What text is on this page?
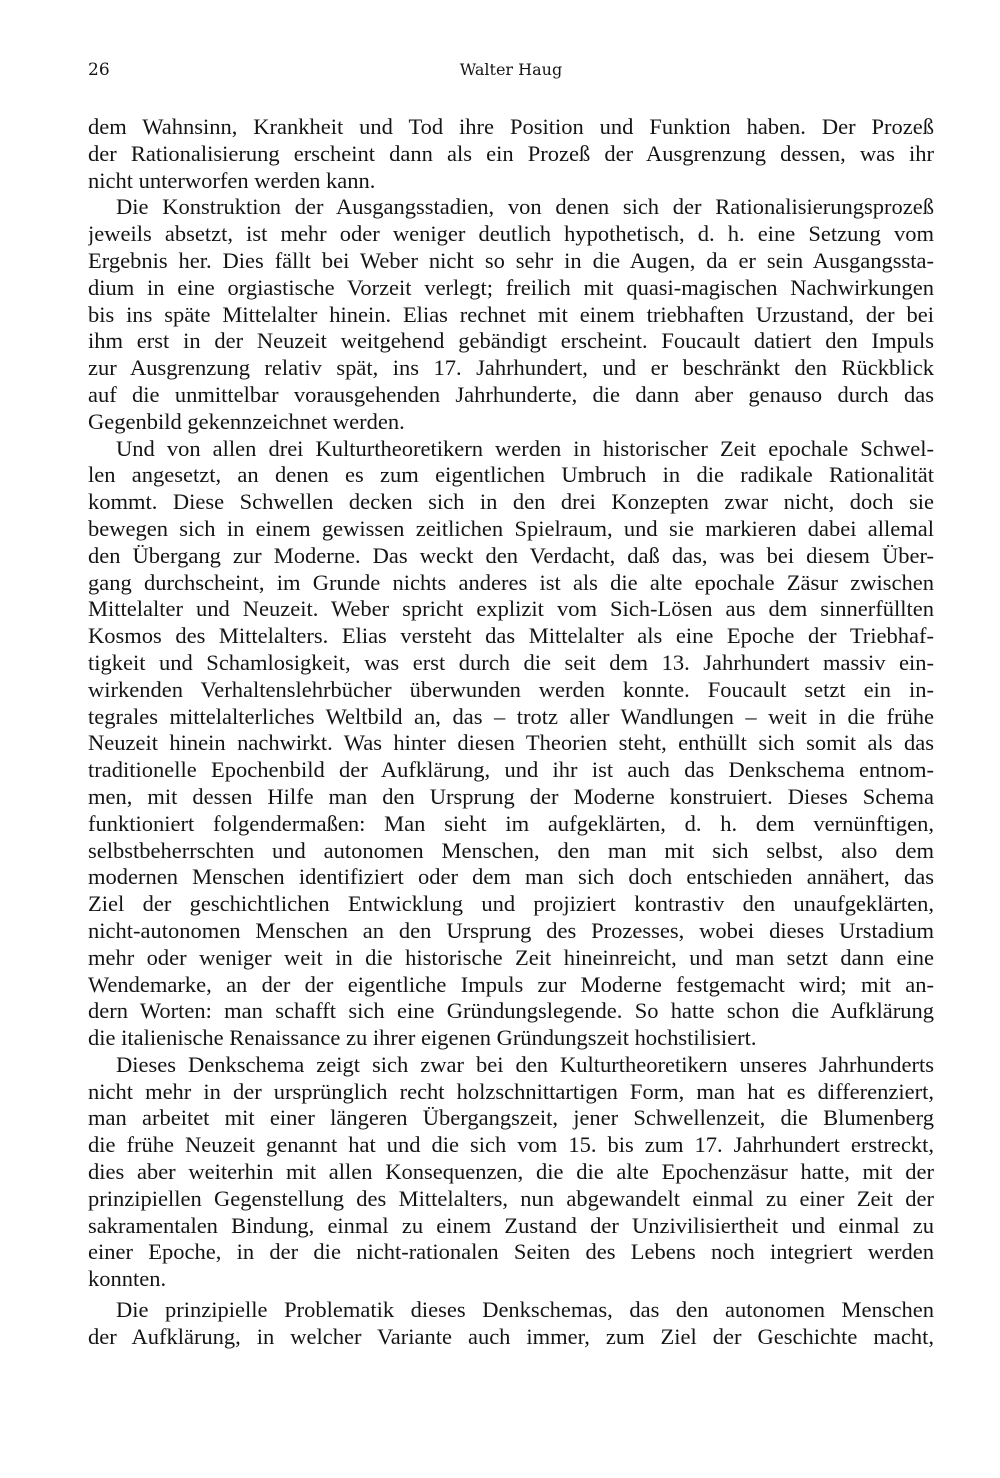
26	Walter Haug
dem Wahnsinn, Krankheit und Tod ihre Position und Funktion haben. Der Prozeß
der Rationalisierung erscheint dann als ein Prozeß der Ausgrenzung dessen, was ihr
nicht unterworfen werden kann.
Die Konstruktion der Ausgangsstadien, von denen sich der Rationalisierungsprozeß
jeweils absetzt, ist mehr oder weniger deutlich hypothetisch, d. h. eine Setzung vom
Ergebnis her. Dies fällt bei Weber nicht so sehr in die Augen, da er sein Ausgangssta-
dium in eine orgiastische Vorzeit verlegt; freilich mit quasi-magischen Nachwirkungen
bis ins späte Mittelalter hinein. Elias rechnet mit einem triebhaften Urzustand, der bei
ihm erst in der Neuzeit weitgehend gebändigt erscheint. Foucault datiert den Impuls
zur Ausgrenzung relativ spät, ins 17. Jahrhundert, und er beschränkt den Rückblick
auf die unmittelbar vorausgehenden Jahrhunderte, die dann aber genauso durch das
Gegenbild gekennzeichnet werden.
Und von allen drei Kulturtheoretikern werden in historischer Zeit epochale Schwel-
len angesetzt, an denen es zum eigentlichen Umbruch in die radikale Rationalität
kommt. Diese Schwellen decken sich in den drei Konzepten zwar nicht, doch sie
bewegen sich in einem gewissen zeitlichen Spielraum, und sie markieren dabei allemal
den Übergang zur Moderne. Das weckt den Verdacht, daß das, was bei diesem Über-
gang durchscheint, im Grunde nichts anderes ist als die alte epochale Zäsur zwischen
Mittelalter und Neuzeit. Weber spricht explizit vom Sich-Lösen aus dem sinnerfüllten
Kosmos des Mittelalters. Elias versteht das Mittelalter als eine Epoche der Triebhaf-
tigkeit und Schamlosigkeit, was erst durch die seit dem 13. Jahrhundert massiv ein-
wirkenden Verhaltenslehrbücher überwunden werden konnte. Foucault setzt ein in-
tegrales mittelalterliches Weltbild an, das – trotz aller Wandlungen – weit in die frühe
Neuzeit hinein nachwirkt. Was hinter diesen Theorien steht, enthüllt sich somit als das
traditionelle Epochenbild der Aufklärung, und ihr ist auch das Denkschema entnom-
men, mit dessen Hilfe man den Ursprung der Moderne konstruiert. Dieses Schema
funktioniert folgendermaßen: Man sieht im aufgeklärten, d. h. dem vernünftigen,
selbstbeherrschten und autonomen Menschen, den man mit sich selbst, also dem
modernen Menschen identifiziert oder dem man sich doch entschieden annähert, das
Ziel der geschichtlichen Entwicklung und projiziert kontrastiv den unaufgeklärten,
nicht-autonomen Menschen an den Ursprung des Prozesses, wobei dieses Urstadium
mehr oder weniger weit in die historische Zeit hineinreicht, und man setzt dann eine
Wendemarke, an der der eigentliche Impuls zur Moderne festgemacht wird; mit an-
dern Worten: man schafft sich eine Gründungslegende. So hatte schon die Aufklärung
die italienische Renaissance zu ihrer eigenen Gründungszeit hochstilisiert.
Dieses Denkschema zeigt sich zwar bei den Kulturtheoretikern unseres Jahrhunderts
nicht mehr in der ursprünglich recht holzschnittartigen Form, man hat es differenziert,
man arbeitet mit einer längeren Übergangszeit, jener Schwellenzeit, die Blumenberg
die frühe Neuzeit genannt hat und die sich vom 15. bis zum 17. Jahrhundert erstreckt,
dies aber weiterhin mit allen Konsequenzen, die die alte Epochenzäsur hatte, mit der
prinzipiellen Gegenstellung des Mittelalters, nun abgewandelt einmal zu einer Zeit der
sakramentalen Bindung, einmal zu einem Zustand der Unzivilisiertheit und einmal zu
einer Epoche, in der die nicht-rationalen Seiten des Lebens noch integriert werden
konnten.
Die prinzipielle Problematik dieses Denkschemas, das den autonomen Menschen
der Aufklärung, in welcher Variante auch immer, zum Ziel der Geschichte macht,
